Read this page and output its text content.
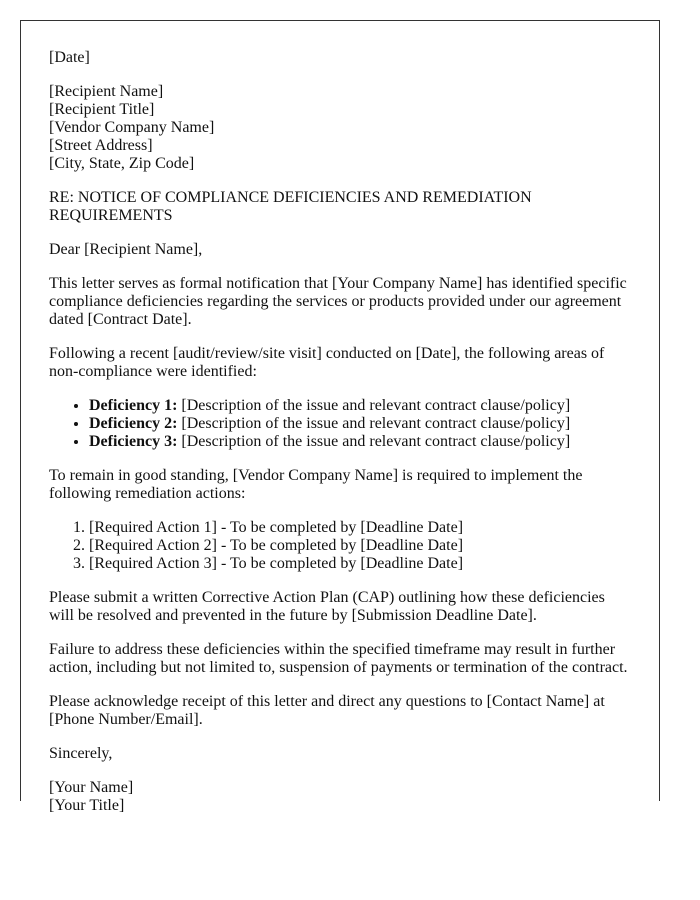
[Date]

[Recipient Name]
[Recipient Title]
[Vendor Company Name]
[Street Address]
[City, State, Zip Code]

RE: NOTICE OF COMPLIANCE DEFICIENCIES AND REMEDIATION
REQUIREMENTS

Dear [Recipient Name],

This letter serves as formal notification that [Your Company Name] has identified specific
compliance deficiencies regarding the services or products provided under our agreement
dated [Contract Date].

Following a recent [audit/review/site visit] conducted on [Date], the following areas of
non-compliance were identified:

• Deficiency 1: [Description of the issue and relevant contract clause/policy]
• Deficiency 2: [Description of the issue and relevant contract clause/policy]
• Deficiency 3: [Description of the issue and relevant contract clause/policy]

To remain in good standing, [Vendor Company Name] is required to implement the
following remediation actions:

1. [Required Action 1] - To be completed by [Deadline Date]
2. [Required Action 2] - To be completed by [Deadline Date]
3. [Required Action 3] - To be completed by [Deadline Date]

Please submit a written Corrective Action Plan (CAP) outlining how these deficiencies
will be resolved and prevented in the future by [Submission Deadline Date].

Failure to address these deficiencies within the specified timeframe may result in further
action, including but not limited to, suspension of payments or termination of the contract.

Please acknowledge receipt of this letter and direct any questions to [Contact Name] at
[Phone Number/Email].

Sincerely,

[Your Name]
[Your Title]
